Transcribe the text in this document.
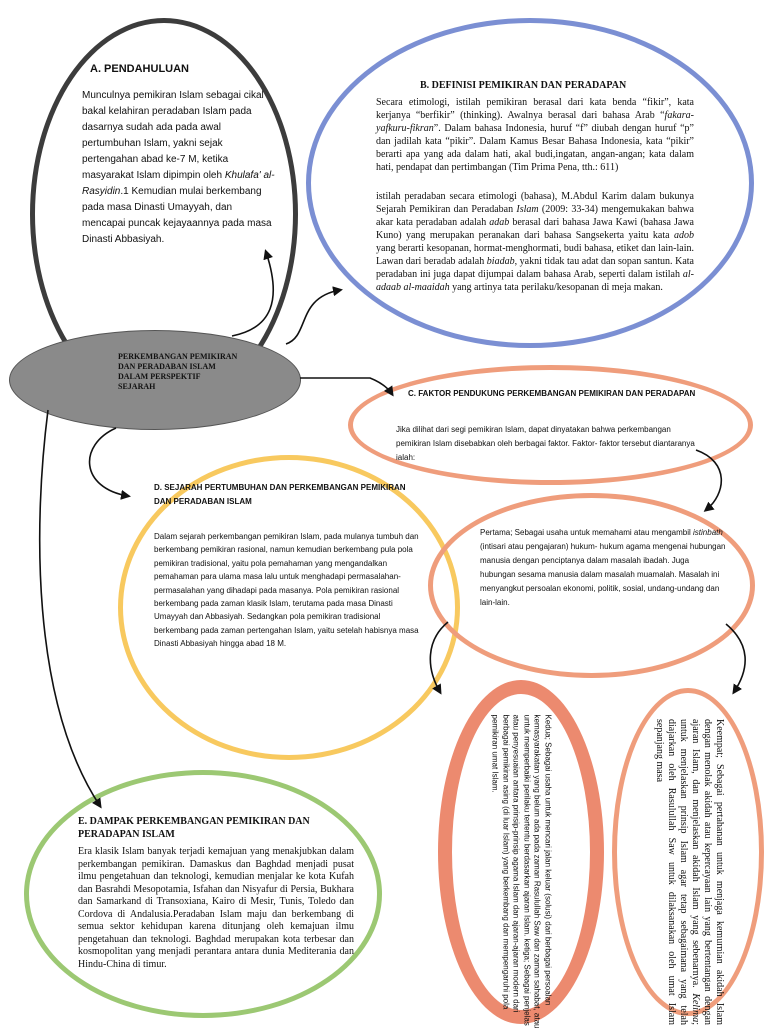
A. PENDAHULUAN
Munculnya pemikiran Islam sebagai cikal bakal kelahiran peradaban Islam pada dasarnya sudah ada pada awal pertumbuhan Islam, yakni sejak pertengahan abad ke-7 M, ketika masyarakat Islam dipimpin oleh Khulafa' al-Rasyidin.1 Kemudian mulai berkembang pada masa Dinasti Umayyah, dan mencapai puncak kejayaannya pada masa Dinasti Abbasiyah.
B. DEFINISI PEMIKIRAN DAN PERADAPAN
Secara etimologi, istilah pemikiran berasal dari kata benda “fikir”, kata kerjanya “berfikir” (thinking). Awalnya berasal dari bahasa Arab “fakara-yafkuru-fikran”. Dalam bahasa Indonesia, huruf “f” diubah dengan huruf “p” dan jadilah kata “pikir”. Dalam Kamus Besar Bahasa Indonesia, kata “pikir” berarti apa yang ada dalam hati, akal budi,ingatan, angan-angan; kata dalam hati, pendapat dan pertimbangan (Tim Prima Pena, tth.: 611)
istilah peradaban secara etimologi (bahasa), M.Abdul Karim dalam bukunya Sejarah Pemikiran dan Peradaban Islam (2009: 33-34) mengemukakan bahwa akar kata peradaban adalah adab berasal dari bahasa Jawa Kawi (bahasa Jawa Kuno) yang merupakan peranakan dari bahasa Sangsekerta yaitu kata adob yang berarti kesopanan, hormat-menghormati, budi bahasa, etiket dan lain-lain. Lawan dari beradab adalah biadab, yakni tidak tau adat dan sopan santun. Kata peradaban ini juga dapat dijumpai dalam bahasa Arab, seperti dalam istilah al-adaab al-maaidah yang artinya tata perilaku/kesopanan di meja makan.
PERKEMBANGAN PEMIKIRAN DAN PERADABAN ISLAM DALAM PERSPEKTIF SEJARAH
C. FAKTOR PENDUKUNG PERKEMBANGAN PEMIKIRAN DAN PERADAPAN
Jika dilihat dari segi pemikiran Islam, dapat dinyatakan bahwa perkembangan pemikiran Islam disebabkan oleh berbagai faktor. Faktor- faktor tersebut diantaranya ialah:
D. SEJARAH PERTUMBUHAN DAN PERKEMBANGAN PEMIKIRAN DAN PERADABAN ISLAM
Dalam sejarah perkembangan pemikiran Islam, pada mulanya tumbuh dan berkembang pemikiran rasional, namun kemudian berkembang pula pola pemikiran tradisional, yaitu pola pemahaman yang mengandalkan pemahaman para ulama masa lalu untuk menghadapi permasalahan-permasalahan yang dihadapi pada masanya. Pola pemikiran rasional berkembang pada zaman klasik Islam, terutama pada masa Dinasti Umayyah dan Abbasiyah. Sedangkan pola pemikiran tradisional berkembang pada zaman pertengahan Islam, yaitu setelah habisnya masa Dinasti Abbasiyah hingga abad 18 M.
Pertama; Sebagai usaha untuk memahami atau mengambil istinbath (intisari atau pengajaran) hukum- hukum agama mengenai hubungan manusia dengan penciptanya dalam masalah ibadah. Juga hubungan sesama manusia dalam masalah muamalah. Masalah ini menyangkut persoalan ekonomi, politik, sosial, undang-undang dan lain-lain.
E. DAMPAK PERKEMBANGAN PEMIKIRAN DAN PERADAPAN ISLAM
Era klasik Islam banyak terjadi kemajuan yang menakjubkan dalam perkembangan pemikiran. Damaskus dan Baghdad menjadi pusat ilmu pengetahuan dan teknologi, kemudian menjalar ke kota Kufah dan Basrahdi Mesopotamia, Isfahan dan Nisyafur di Persia, Bukhara dan Samarkand di Transoxiana, Kairo di Mesir, Tunis, Toledo dan Cordova di Andalusia.Peradaban Islam maju dan berkembang di semua sektor kehidupan karena ditunjang oleh kemajuan ilmu pengetahuan dan teknologi. Baghdad merupakan kota terbesar dan kosmopolitan yang menjadi perantara antara dunia Mediterania dan Hindu-China di timur.	Kedua; Sebagai usaha untuk mencari jalan keluar (solusi) dari berbagai persoalan kemasyarakatan yang belum ada pada zaman Rasulullah Saw dan zaman sahabat, atau untuk memperbaiki perilaku tertentu berdasarkan ajaran Islam. ketiga; Sebagai penjelas atau penyesuaian antara prinsip-prinsip agama Islam dan ajaran-ajaran modern dari berbagai pemikiran asing (di luar Islam) yang berkembang dan mempengaruhi pola pemikiran umat Islam.	Keempat; Sebagai pertahanan untuk menjaga kemurnian akidah Islam dengan menolak akidah atau kepercayaan lain yang bertentangan dengan ajaran Islam, dan menjelaskan akidah Islam yang sebenarnya. Kelima; untuk menjelaskan prinsip Islam agar tetap sebagaimana yang telah diajarkan oleh Rasulullah Saw untuk dilaksanakan oleh umat Islam sepanjang masa
